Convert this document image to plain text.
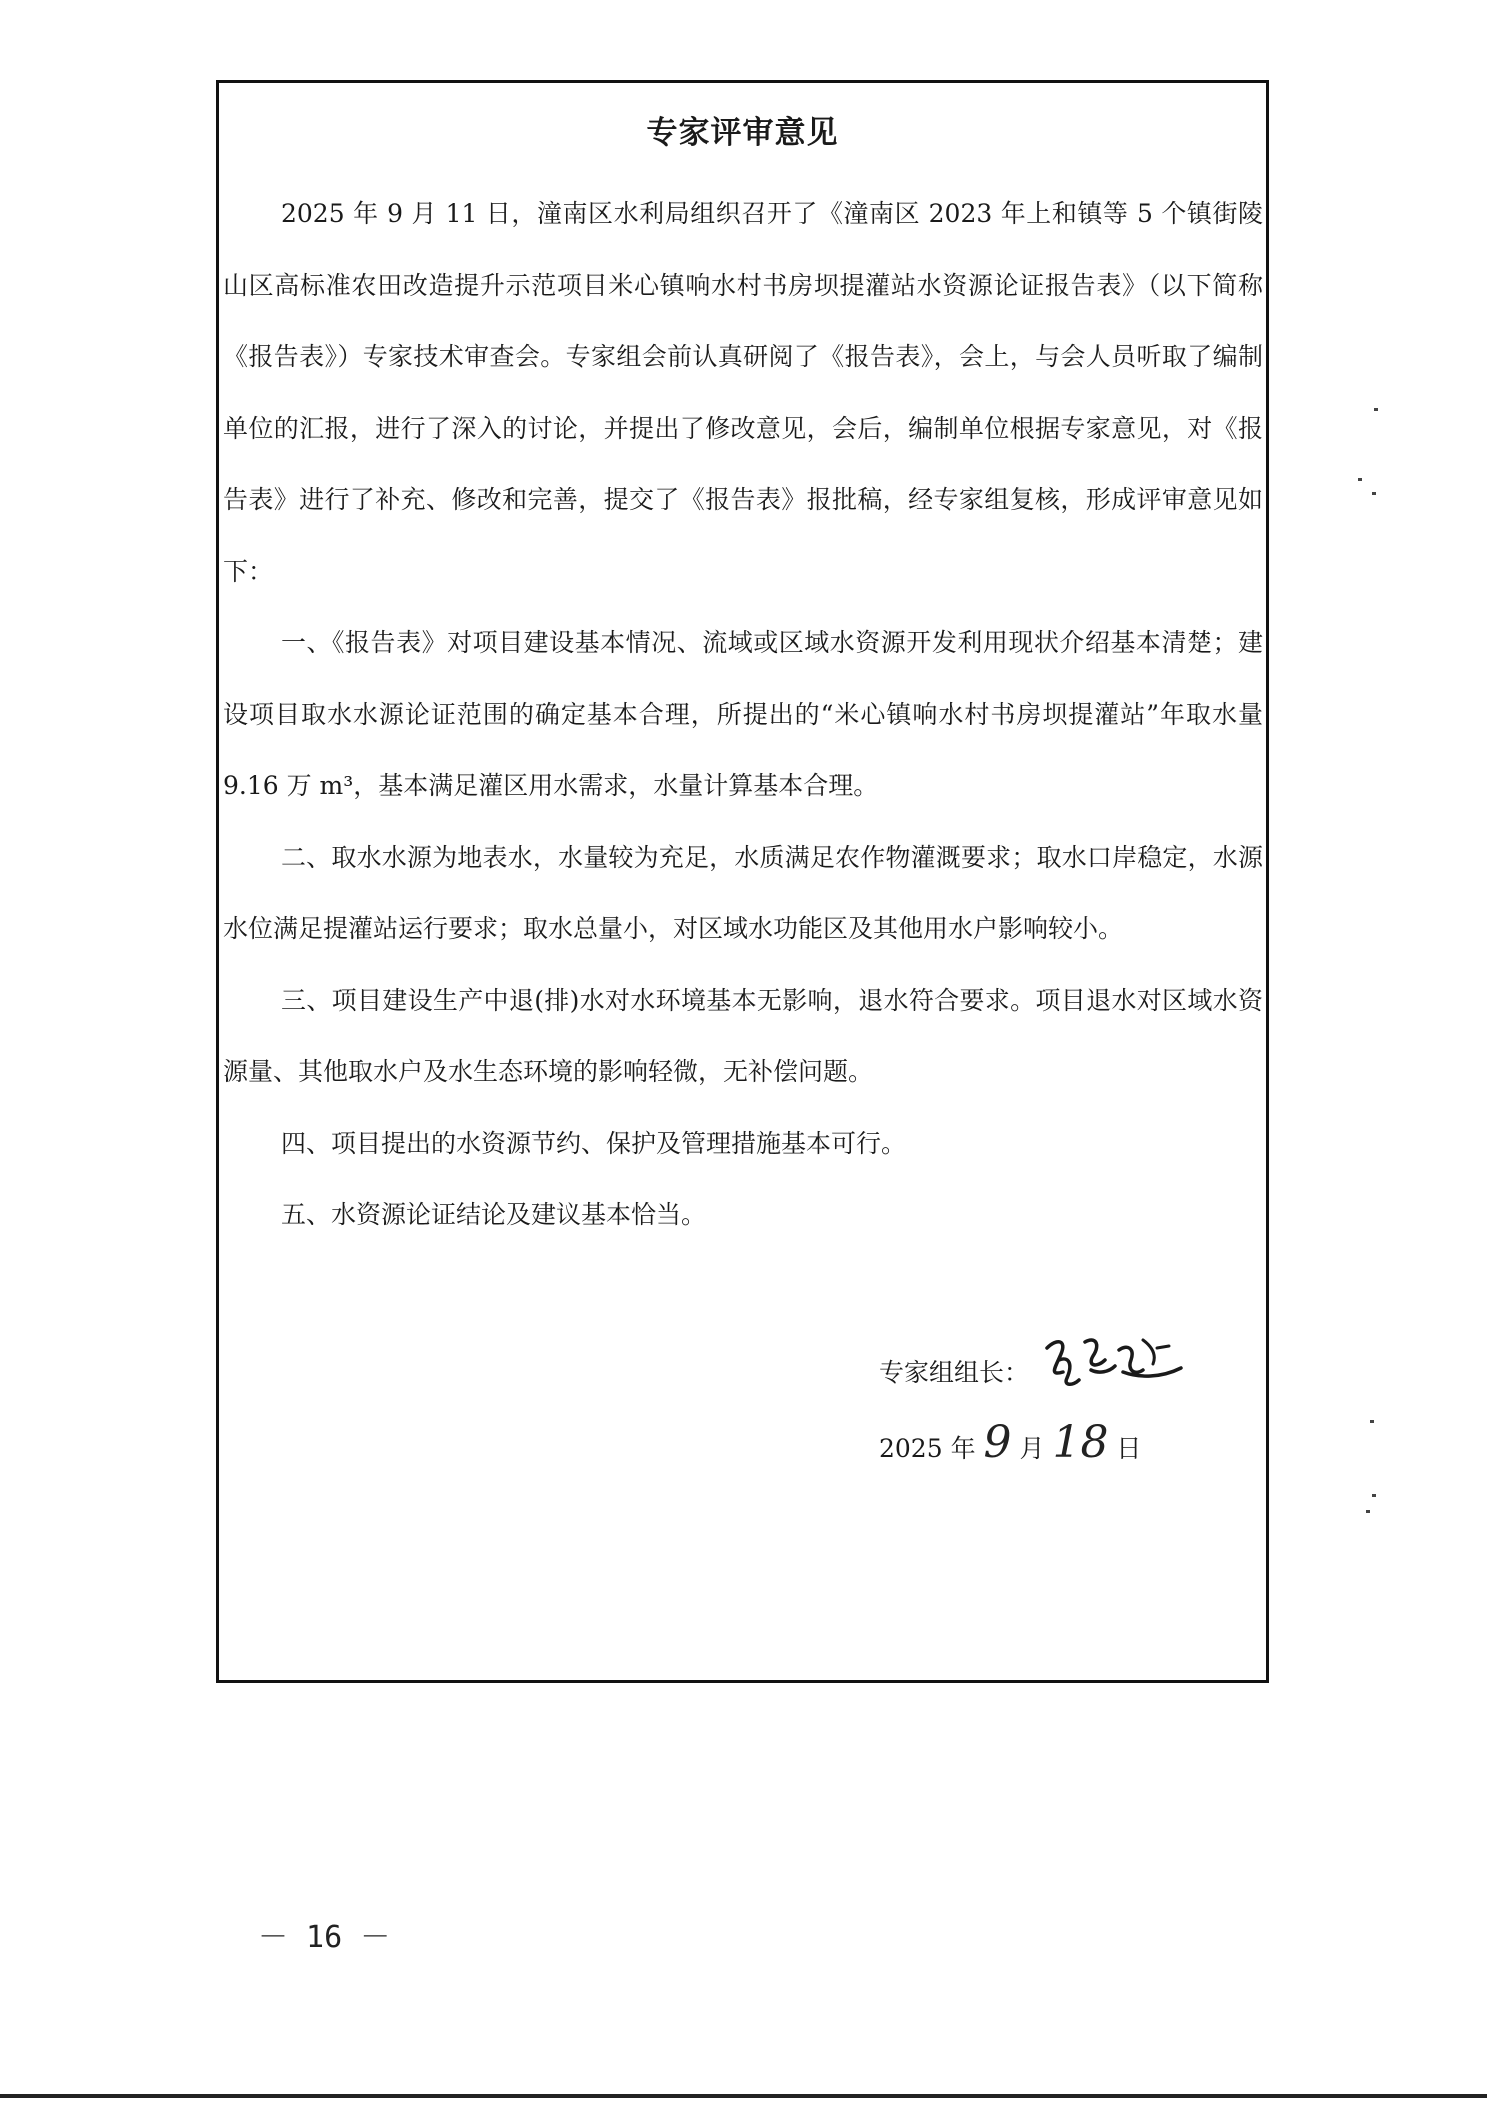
专家评审意见

2025 年 9 月 11 日，潼南区水利局组织召开了《潼南区 2023 年上和镇等 5 个镇街陵山区高标准农田改造提升示范项目米心镇响水村书房坝提灌站水资源论证报告表》（以下简称《报告表》）专家技术审查会。专家组会前认真研阅了《报告表》，会上，与会人员听取了编制单位的汇报，进行了深入的讨论，并提出了修改意见，会后，编制单位根据专家意见，对《报告表》进行了补充、修改和完善，提交了《报告表》报批稿，经专家组复核，形成评审意见如下：

一、《报告表》对项目建设基本情况、流域或区域水资源开发利用现状介绍基本清楚；建设项目取水水源论证范围的确定基本合理，所提出的“米心镇响水村书房坝提灌站”年取水量 9.16 万 m³，基本满足灌区用水需求，水量计算基本合理。

二、取水水源为地表水，水量较为充足，水质满足农作物灌溉要求；取水口岸稳定，水源水位满足提灌站运行要求；取水总量小，对区域水功能区及其他用水户影响较小。

三、项目建设生产中退(排)水对水环境基本无影响，退水符合要求。项目退水对区域水资源量、其他取水户及水生态环境的影响轻微，无补偿问题。

四、项目提出的水资源节约、保护及管理措施基本可行。

五、水资源论证结论及建议基本恰当。

专家组组长：
2025 年 9 月 18 日
－ 16 －
